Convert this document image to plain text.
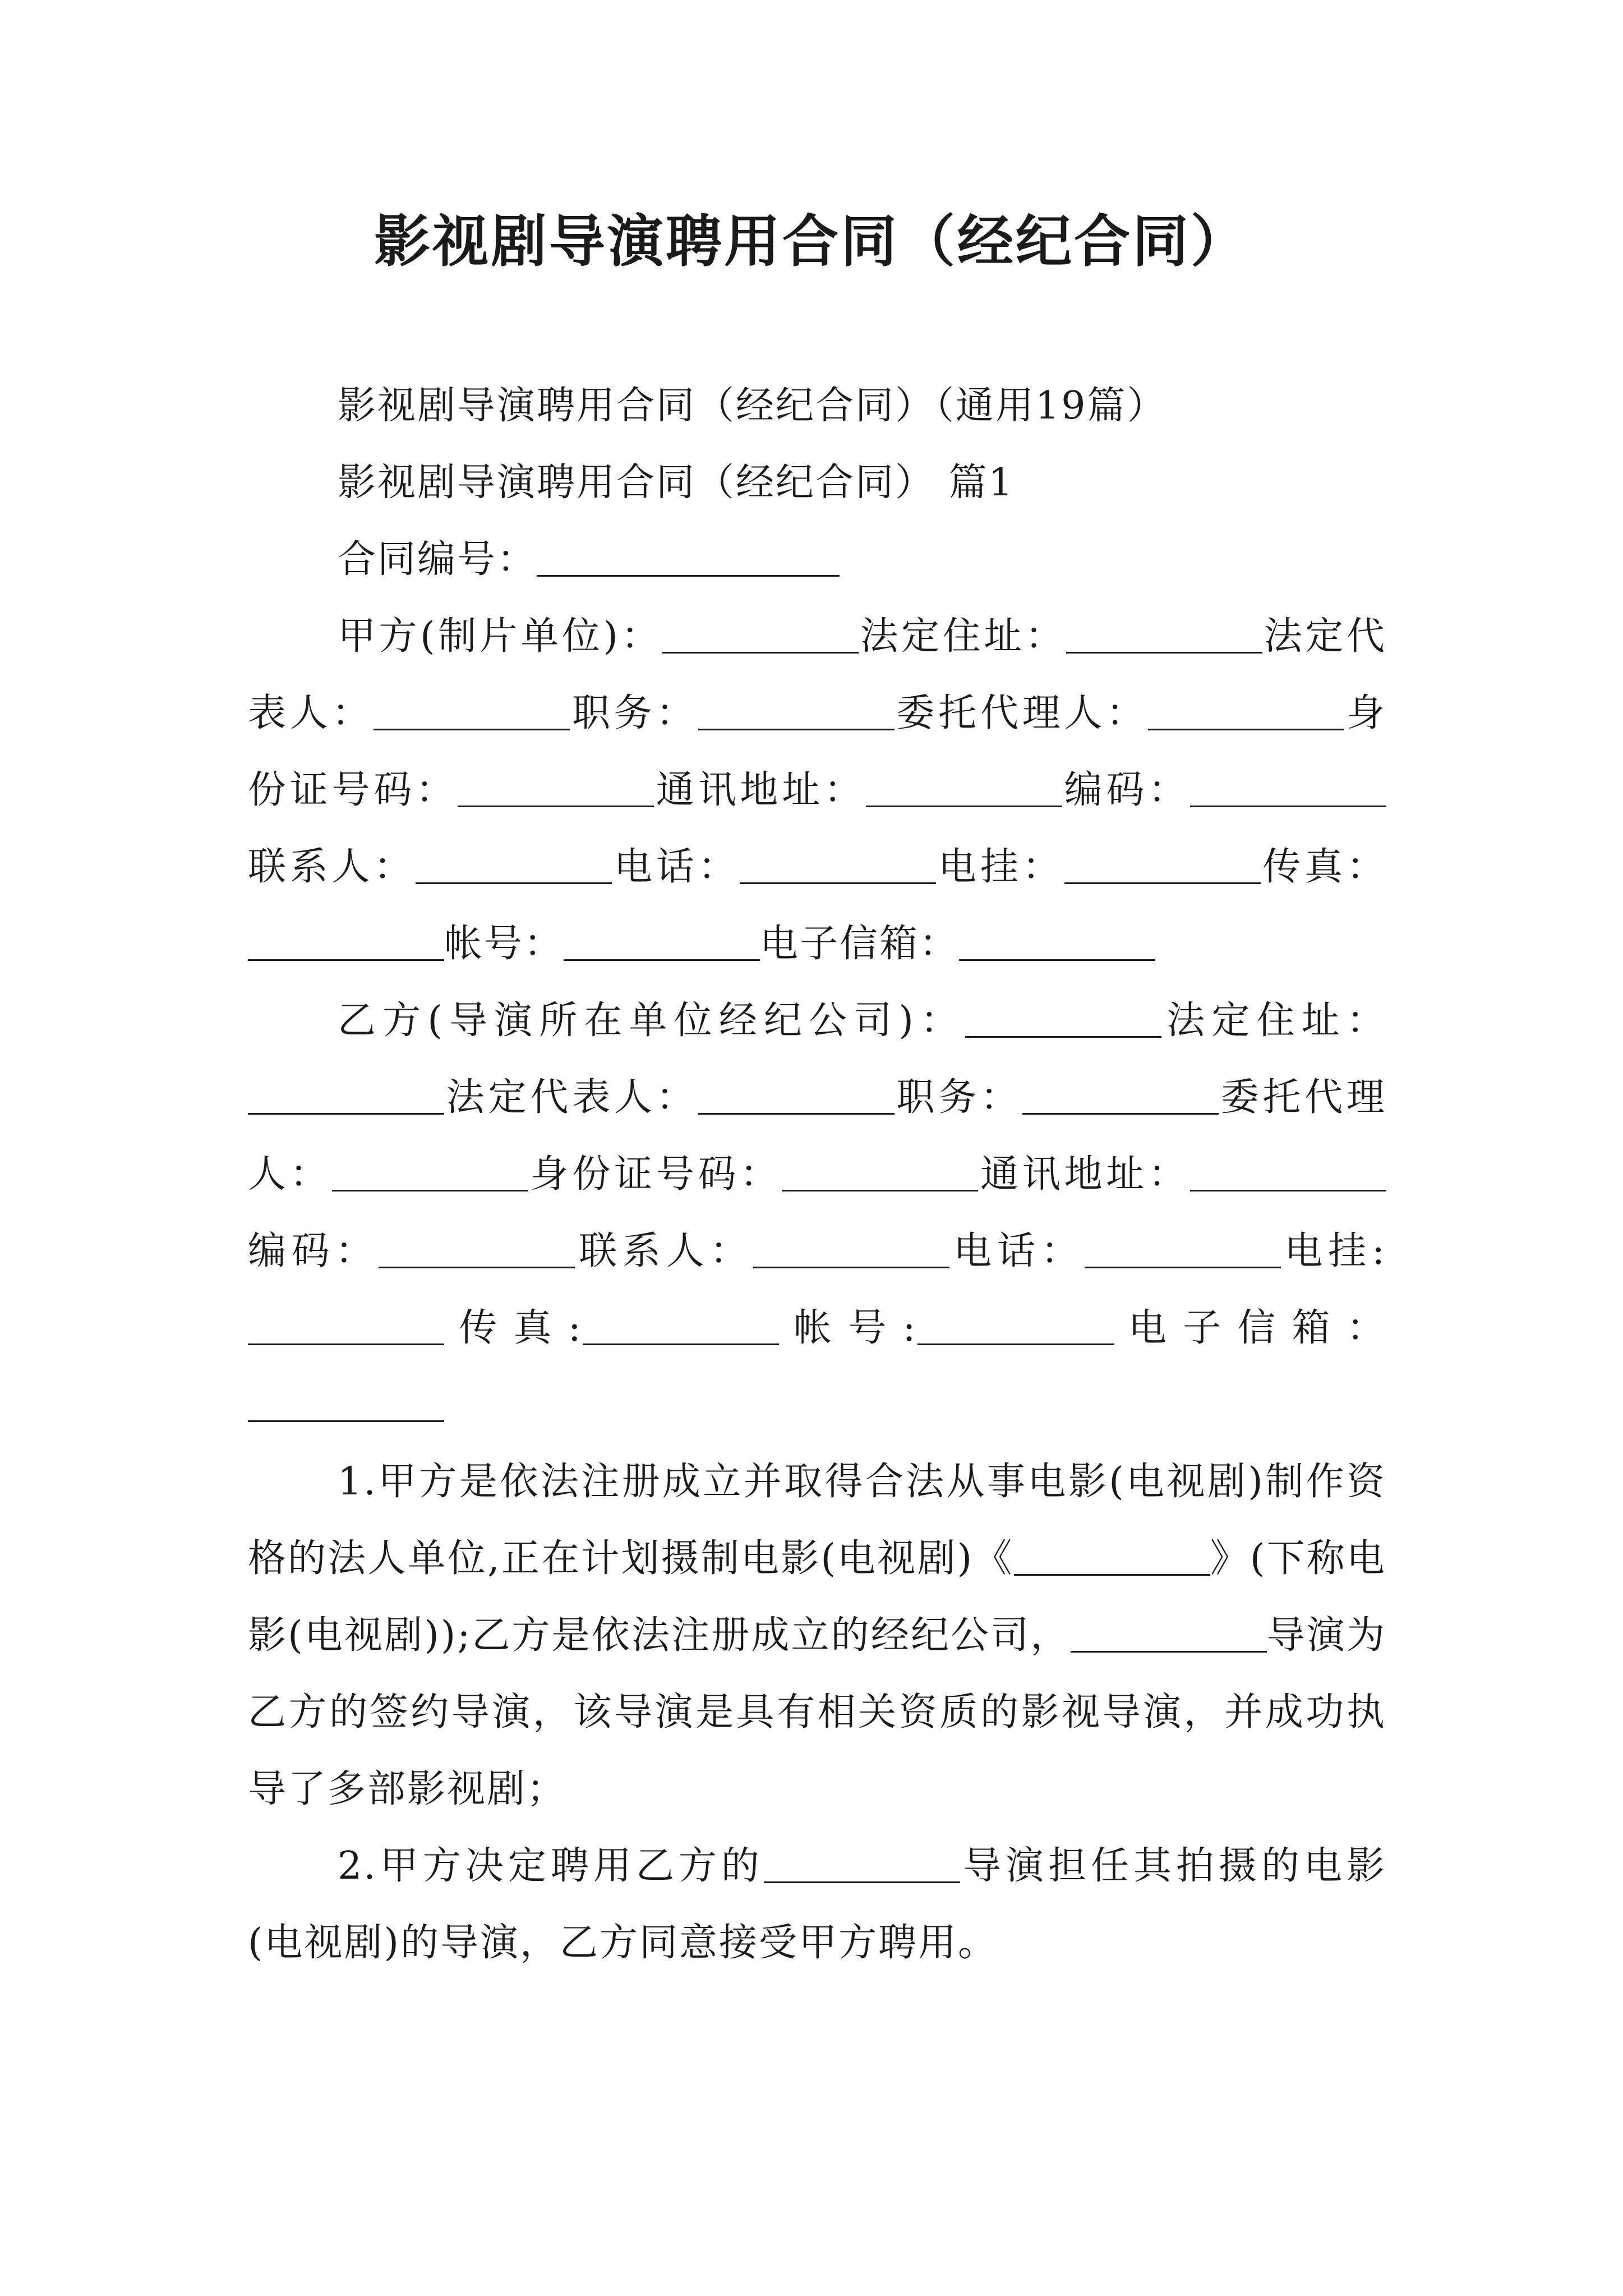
影视剧导演聘用合同（经纪合同）

影视剧导演聘用合同（经纪合同）（通用19篇）

影视剧导演聘用合同（经纪合同） 篇1

合同编号：

甲方(制片单位)：	法定住址：	法定代表人：	职务：	委托代理人：	身份证号码：	通讯地址：	编码：联系人：	电话：	电挂：	传真：帐号：	电子信箱：

乙方(导演所在单位经纪公司)：	法定住址：法定代表人：	职务：	委托代理人：	身份证号码：	通讯地址：编码：	联系人：	电话：	电挂:传真:	帐号:	电子信箱：

1.甲方是依法注册成立并取得合法从事电影(电视剧)制作资格的法人单位,正在计划摄制电影(电视剧)《	》(下称电影(电视剧));乙方是依法注册成立的经纪公司，	导演为乙方的签约导演，该导演是具有相关资质的影视导演，并成功执导了多部影视剧；

2.甲方决定聘用乙方的	导演担任其拍摄的电影(电视剧)的导演，乙方同意接受甲方聘用。
